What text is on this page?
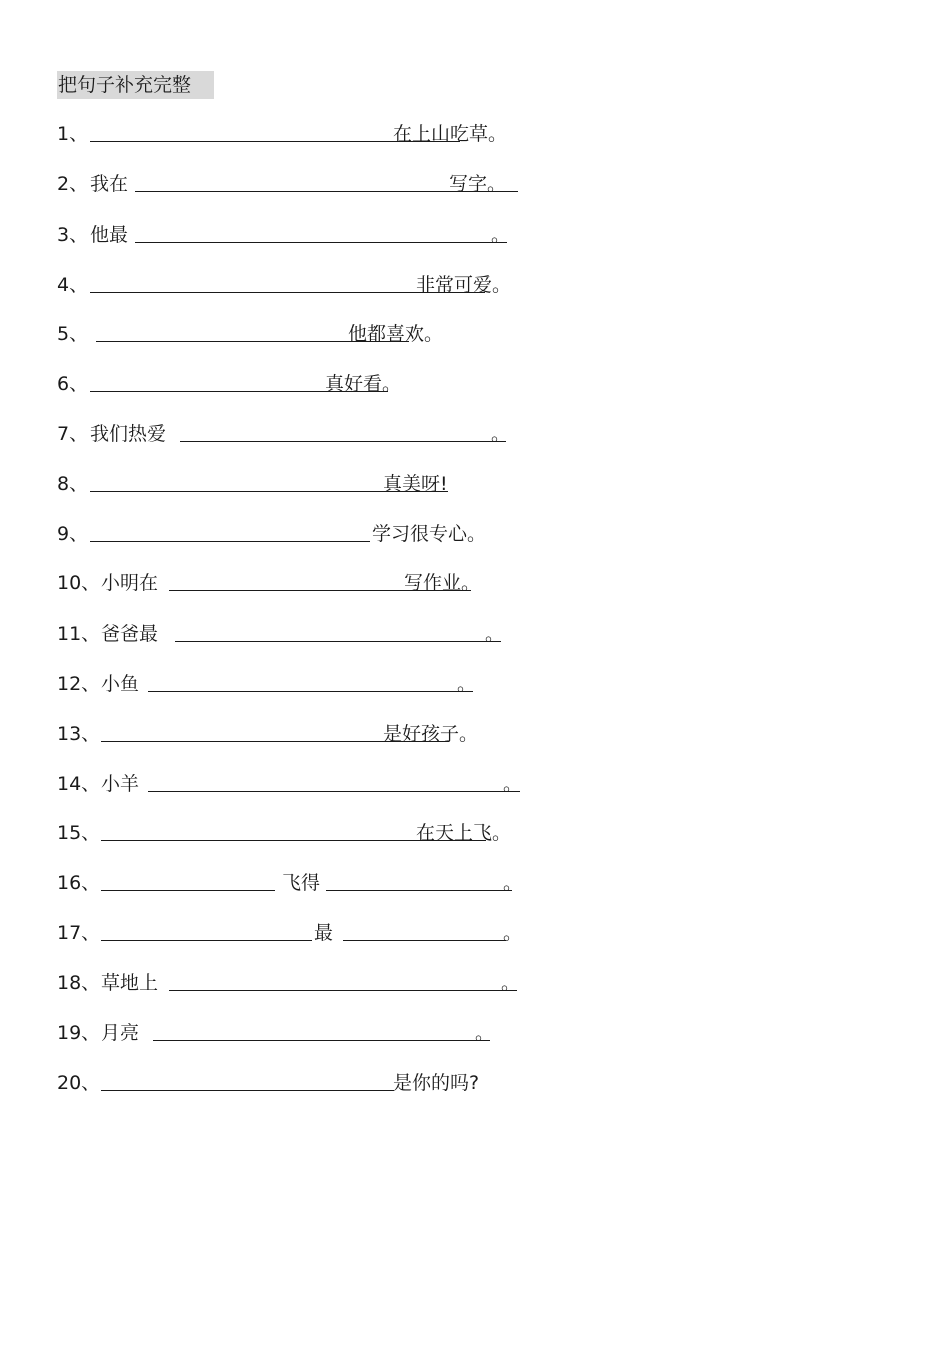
把句子补充完整
1、	在上山吃草。
2、 我在	写字。
3、 他最	。
4、	非常可爱。
5、	他都喜欢。
6、	真好看。
7、 我们热爱	。
8、	真美呀!
9、	学习很专心。
10、 小明在	写作业。
11、 爸爸最	。
12、 小鱼	。
13、	是好孩子。
14、 小羊	。
15、	在天上飞。
16、	飞得	。
17、	最	。
18、 草地上	。
19、 月亮	。
20、	是你的吗?
